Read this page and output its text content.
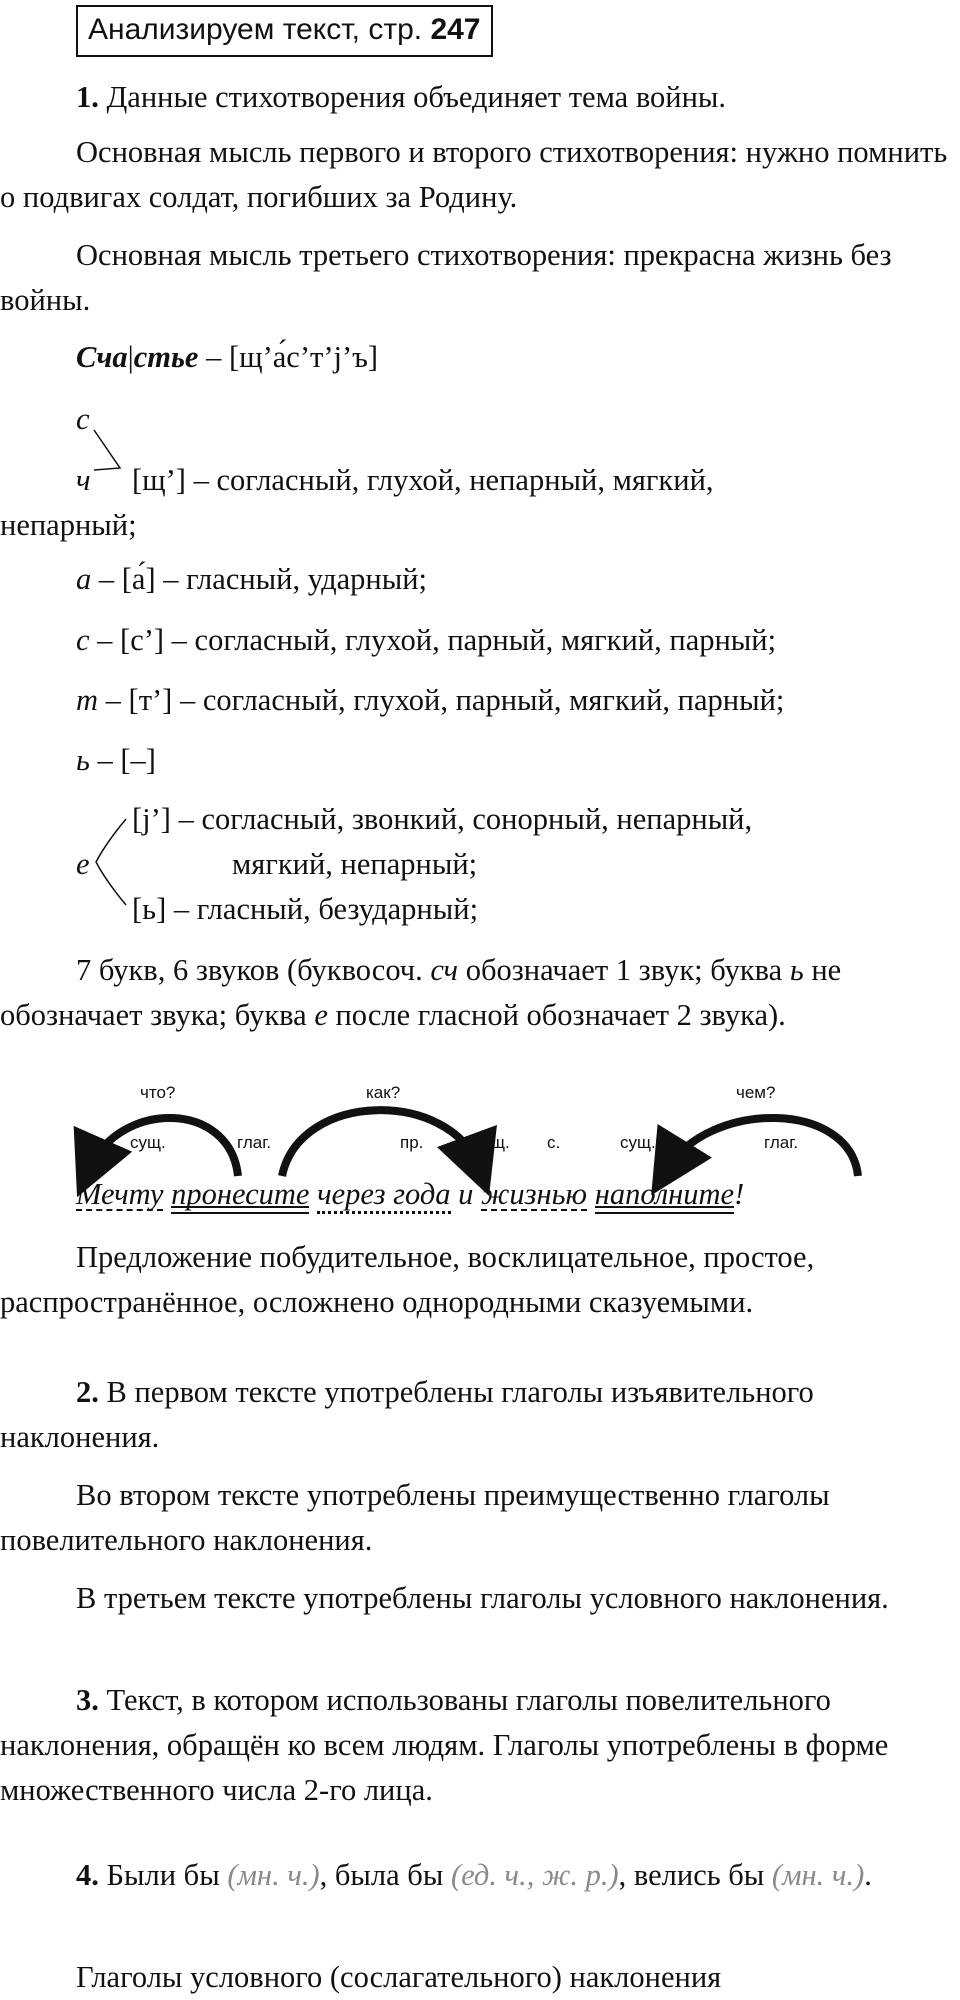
Анализируем текст, стр. 247

1. Данные стихотворения объединяет тема войны.

Основная мысль первого и второго стихотворения: нужно помнить о подвигах солдат, погибших за Родину.

Основная мысль третьего стихотворения: прекрасна жизнь без войны.

Сча|стье – [щ’а́с’т’j’ъ]
с
ч [щ’] – согласный, глухой, непарный, мягкий,
непарный;
а – [а́] – гласный, ударный;
с – [с’] – согласный, глухой, парный, мягкий, парный;
т – [т’] – согласный, глухой, парный, мягкий, парный;
ь – [–]
[j’] – согласный, звонкий, сонорный, непарный,
е	мягкий, непарный;
[ь] – гласный, безударный;

7 букв, 6 звуков (буквосоч. сч обозначает 1 звук; буква ь не обозначает звука; буква е после гласной обозначает 2 звука).

что?	как?	чем?
сущ.	глаг.	пр.	сущ. с.	сущ.	глаг.
Мечту пронесите через года и жизнью наполните!

Предложение побудительное, восклицательное, простое, распространённое, осложнено однородными сказуемыми.

2. В первом тексте употреблены глаголы изъявительного наклонения.

Во втором тексте употреблены преимущественно глаголы повелительного наклонения.

В третьем тексте употреблены глаголы условного наклонения.

3. Текст, в котором использованы глаголы повелительного наклонения, обращён ко всем людям. Глаголы употреблены в форме множественного числа 2-го лица.

4. Были бы (мн. ч.), была бы (ед. ч., ж. р.), велись бы (мн. ч.).

Глаголы условного (сослагательного) наклонения
